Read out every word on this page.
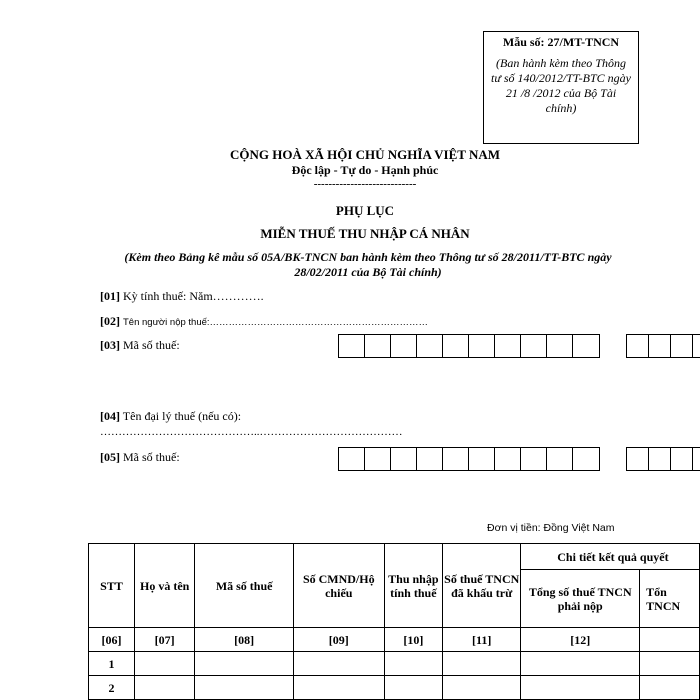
Mẫu số: 27/MT-TNCN
(Ban hành kèm theo Thông tư số 140/2012/TT-BTC ngày 21 /8 /2012 của Bộ Tài chính)
CỘNG HOÀ XÃ HỘI CHỦ NGHĨA VIỆT NAM
Độc lập - Tự do - Hạnh phúc
----------------------------
PHỤ LỤC
MIỄN THUẾ THU NHẬP CÁ NHÂN
(Kèm theo Bảng kê mẫu số 05A/BK-TNCN ban hành kèm theo Thông tư số 28/2011/TT-BTC ngày 28/02/2011 của Bộ Tài chính)
[01] Kỳ tính thuế: Năm………….
[02] Tên người nộp thuế:……………………………………………………………
[03] Mã số thuế:
[04] Tên đại lý thuế (nếu có):
……………………………………..…………………………………
[05] Mã số thuế:
Đơn vị tiền: Đồng Việt Nam
STT	Họ và tên	Mã số thuế	Số CMND/Hộ chiếu	Thu nhập tính thuế	Số thuế TNCN đã khấu trừ	Chi tiết kết quả quyết	
						Tổng số thuế TNCN phải nộp	Tổn TNCN
[06]	[07]	[08]	[09]	[10]	[11]	[12]	
1							
2							
